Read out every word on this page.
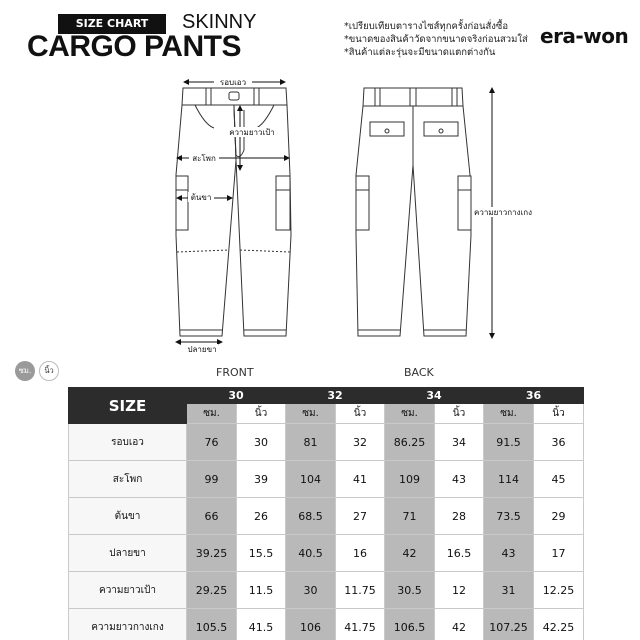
SIZE CHART	SKINNY
CARGO PANTS
*เปรียบเทียบตารางไซส์ทุกครั้งก่อนสั่งซื้อ
*ขนาดของสินค้าวัดจากขนาดจริงก่อนสวมใส่
*สินค้าแต่ละรุ่นจะมีขนาดแตกต่างกัน
era-won
รอบเอว
ความยาวเป้า
สะโพก
ต้นขา
ปลายขา
ความยาวกางเกง
FRONT	BACK
ซม.	นิ้ว
SIZE	30		32		34		36	
	ซม.	นิ้ว	ซม.	นิ้ว	ซม.	นิ้ว	ซม.	นิ้ว
รอบเอว	76	30	81	32	86.25	34	91.5	36
สะโพก	99	39	104	41	109	43	114	45
ต้นขา	66	26	68.5	27	71	28	73.5	29
ปลายขา	39.25	15.5	40.5	16	42	16.5	43	17
ความยาวเป้า	29.25	11.5	30	11.75	30.5	12	31	12.25
ความยาวกางเกง	105.5	41.5	106	41.75	106.5	42	107.25	42.25
